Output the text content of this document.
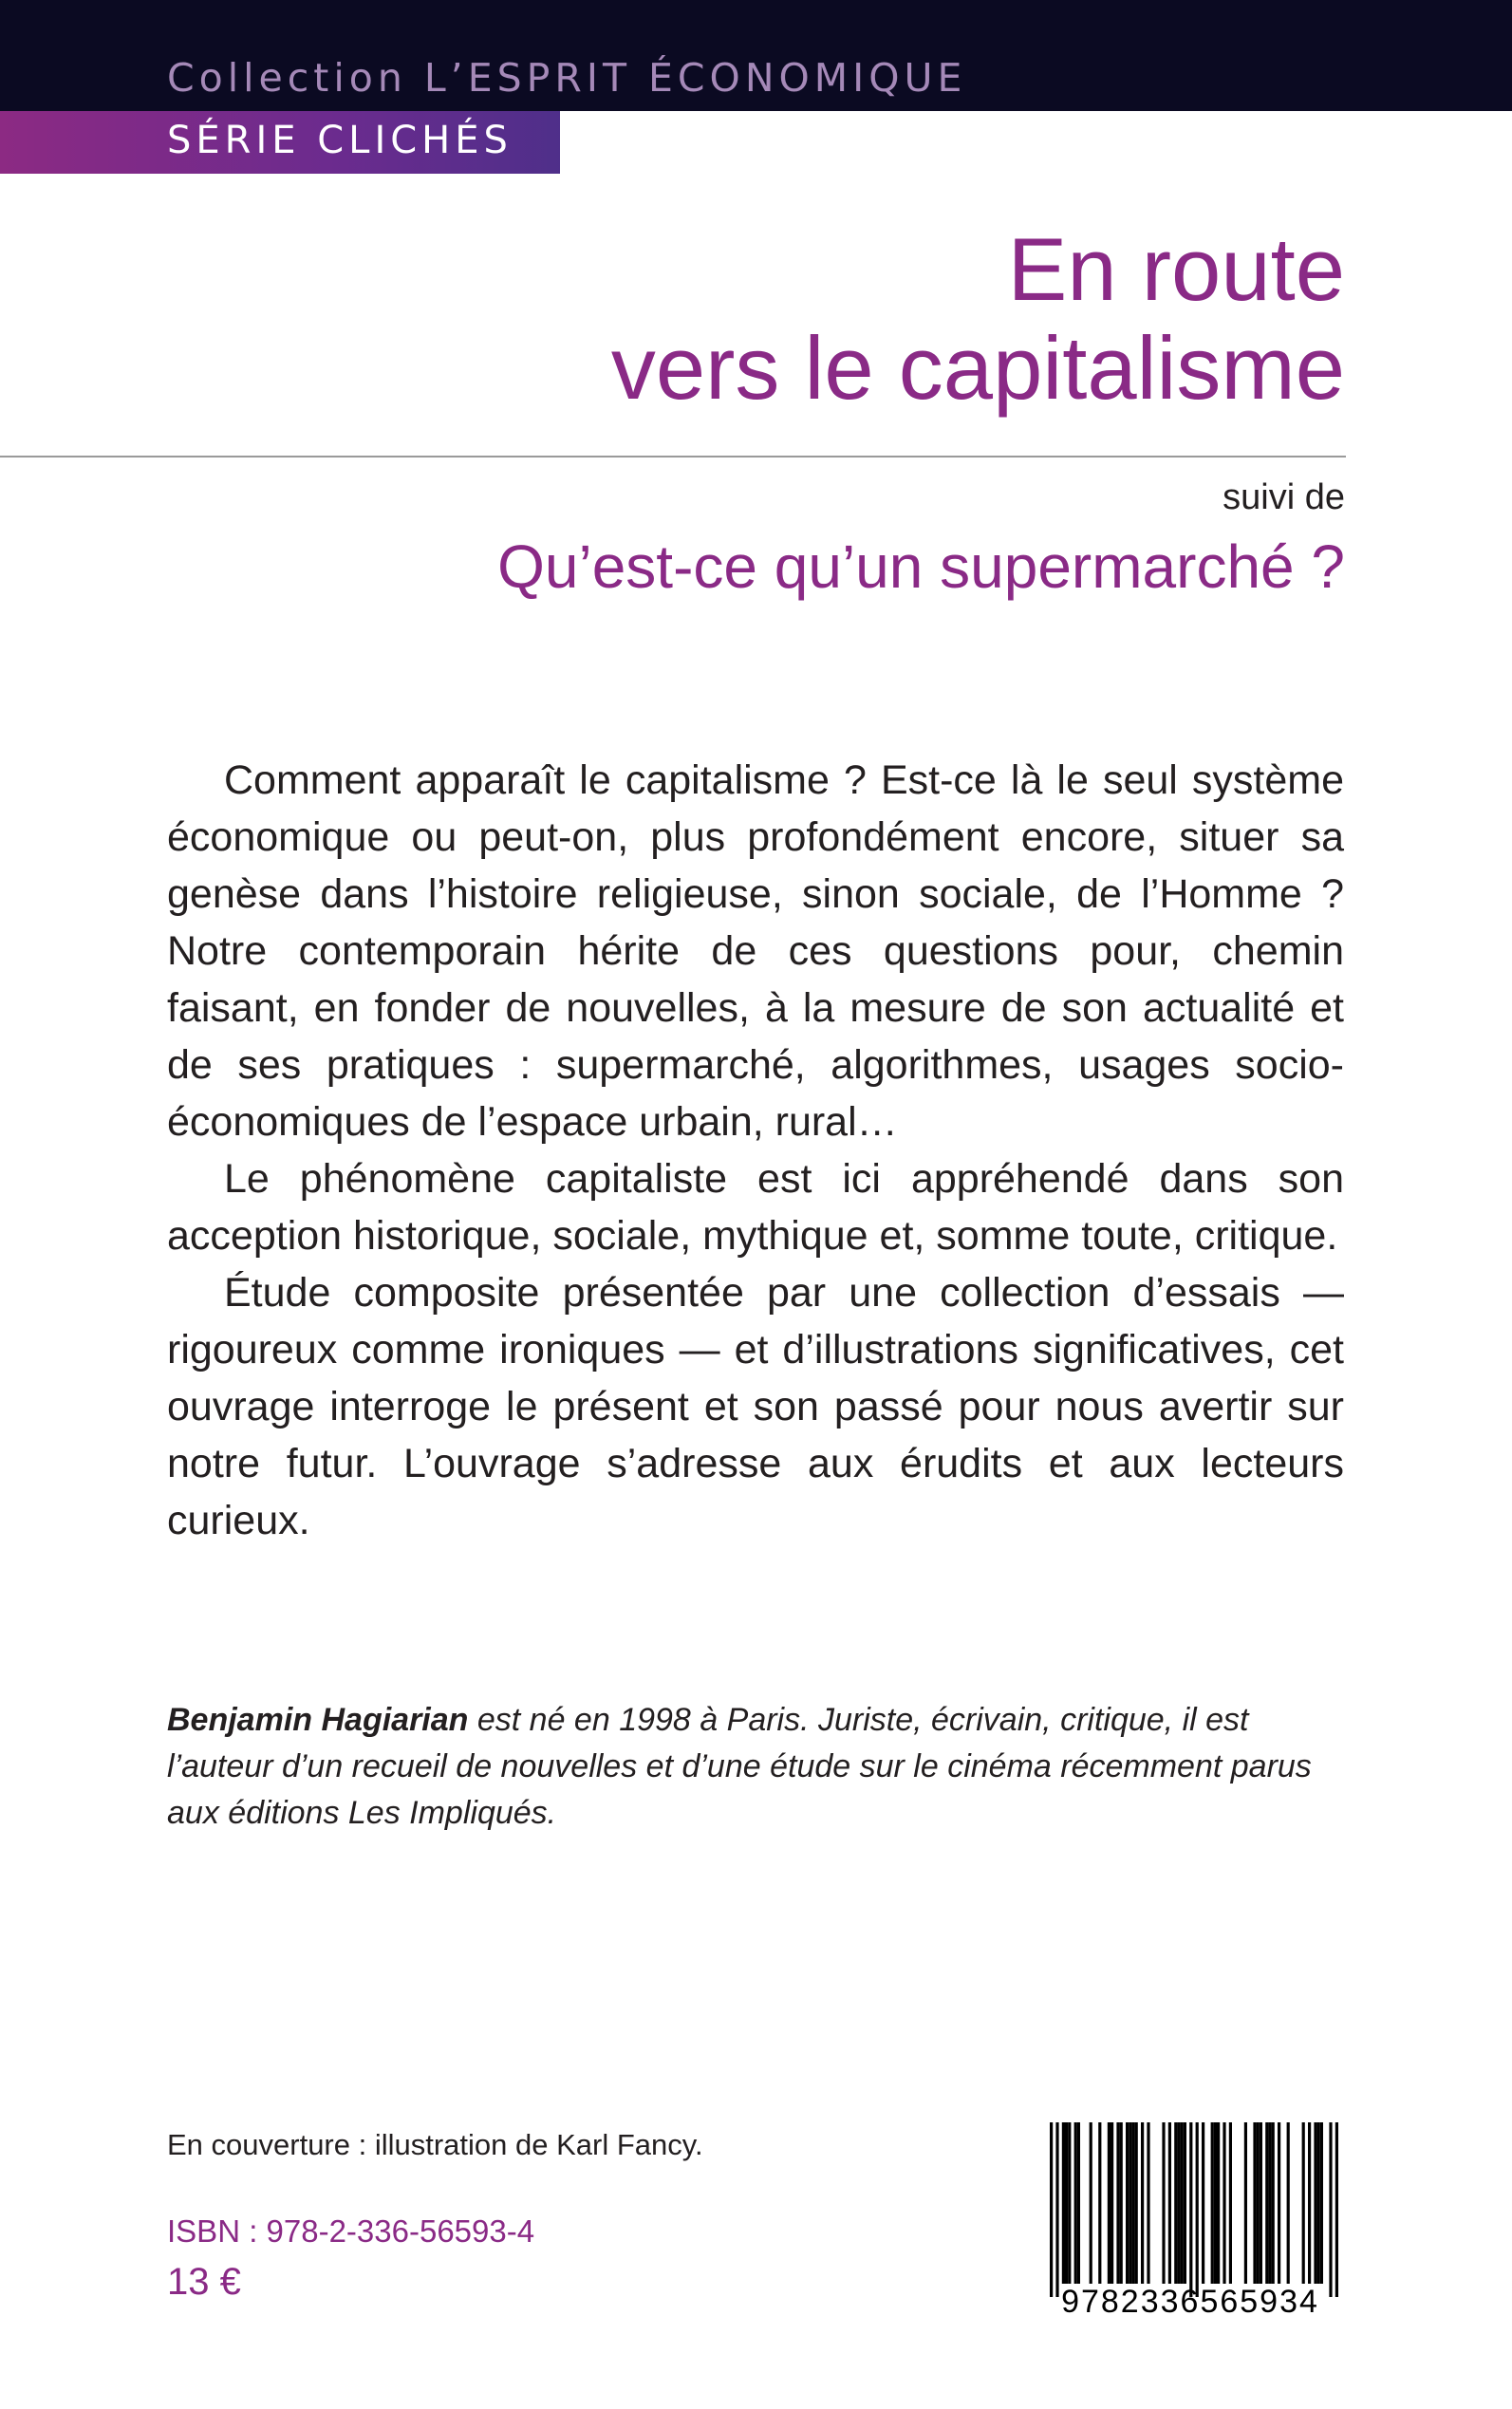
Collection L’ESPRIT ÉCONOMIQUE
SÉRIE CLICHÉS
En route
vers le capitalisme
suivi de
Qu’est-ce qu’un supermarché ?

Comment apparaît le capitalisme ? Est-ce là le seul système économique ou peut-on, plus profondément encore, situer sa genèse dans l’histoire religieuse, sinon sociale, de l’Homme ? Notre contemporain hérite de ces questions pour, chemin faisant, en fonder de nouvelles, à la mesure de son actualité et de ses pratiques : supermarché, algorithmes, usages socio-économiques de l’espace urbain, rural…

Le phénomène capitaliste est ici appréhendé dans son acception historique, sociale, mythique et, somme toute, critique.

Étude composite présentée par une collection d’essais — rigoureux comme ironiques — et d’illustrations significatives, cet ouvrage interroge le présent et son passé pour nous avertir sur notre futur. L’ouvrage s’adresse aux érudits et aux lecteurs curieux.

Benjamin Hagiarian est né en 1998 à Paris. Juriste, écrivain, critique, il est l’auteur d’un recueil de nouvelles et d’une étude sur le cinéma récemment parus aux éditions Les Impliqués.
En couverture : illustration de Karl Fancy.
ISBN : 978-2-336-56593-4
13 €	9782336565934
